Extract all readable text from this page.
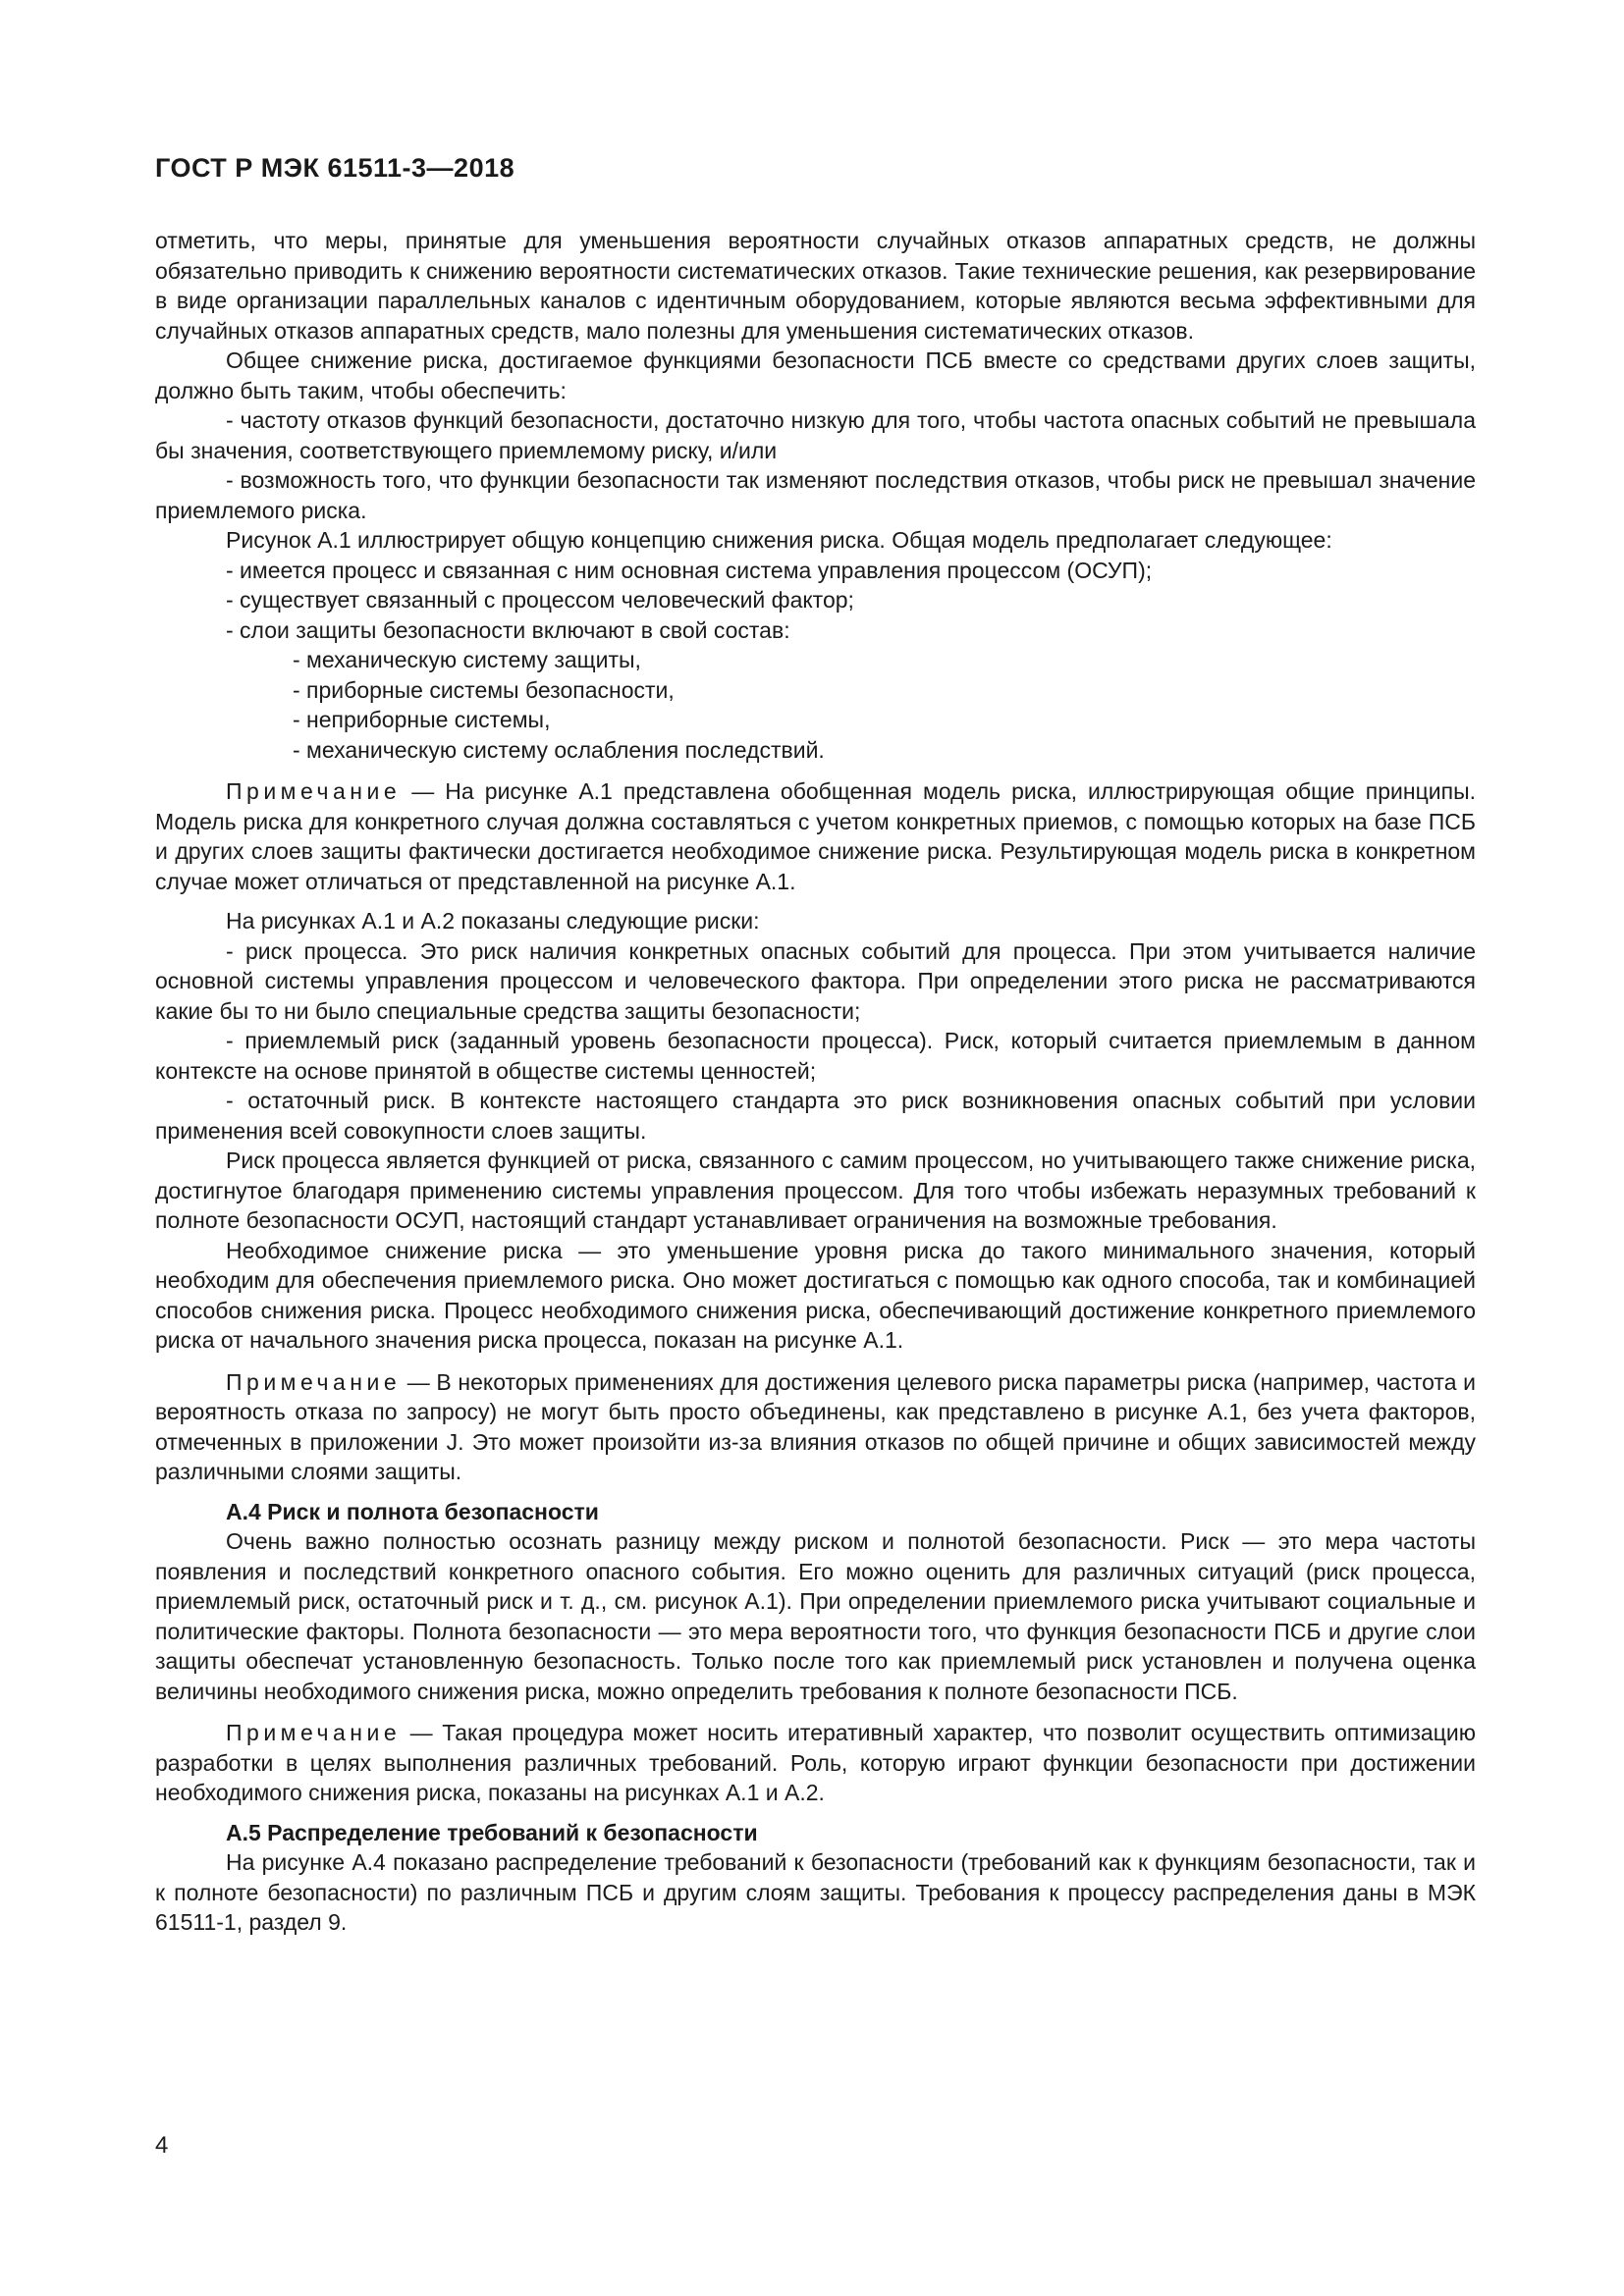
ГОСТ Р МЭК 61511-3—2018

отметить, что меры, принятые для уменьшения вероятности случайных отказов аппаратных средств, не должны обязательно приводить к снижению вероятности систематических отказов. Такие технические решения, как резервирование в виде организации параллельных каналов с идентичным оборудованием, которые являются весьма эффективными для случайных отказов аппаратных средств, мало полезны для уменьшения систематических отказов.

Общее снижение риска, достигаемое функциями безопасности ПСБ вместе со средствами других слоев защиты, должно быть таким, чтобы обеспечить:

- частоту отказов функций безопасности, достаточно низкую для того, чтобы частота опасных событий не превышала бы значения, соответствующего приемлемому риску, и/или

- возможность того, что функции безопасности так изменяют последствия отказов, чтобы риск не превышал значение приемлемого риска.

Рисунок А.1 иллюстрирует общую концепцию снижения риска. Общая модель предполагает следующее:

- имеется процесс и связанная с ним основная система управления процессом (ОСУП);

- существует связанный с процессом человеческий фактор;

- слои защиты безопасности включают в свой состав:

- механическую систему защиты,

- приборные системы безопасности,

- неприборные системы,

- механическую систему ослабления последствий.

Примечание — На рисунке А.1 представлена обобщенная модель риска, иллюстрирующая общие принципы. Модель риска для конкретного случая должна составляться с учетом конкретных приемов, с помощью которых на базе ПСБ и других слоев защиты фактически достигается необходимое снижение риска. Результирующая модель риска в конкретном случае может отличаться от представленной на рисунке А.1.

На рисунках А.1 и А.2 показаны следующие риски:

- риск процесса. Это риск наличия конкретных опасных событий для процесса. При этом учитывается наличие основной системы управления процессом и человеческого фактора. При определении этого риска не рассматриваются какие бы то ни было специальные средства защиты безопасности;

- приемлемый риск (заданный уровень безопасности процесса). Риск, который считается приемлемым в данном контексте на основе принятой в обществе системы ценностей;

- остаточный риск. В контексте настоящего стандарта это риск возникновения опасных событий при условии применения всей совокупности слоев защиты.

Риск процесса является функцией от риска, связанного с самим процессом, но учитывающего также снижение риска, достигнутое благодаря применению системы управления процессом. Для того чтобы избежать неразумных требований к полноте безопасности ОСУП, настоящий стандарт устанавливает ограничения на возможные требования.

Необходимое снижение риска — это уменьшение уровня риска до такого минимального значения, который необходим для обеспечения приемлемого риска. Оно может достигаться с помощью как одного способа, так и комбинацией способов снижения риска. Процесс необходимого снижения риска, обеспечивающий достижение конкретного приемлемого риска от начального значения риска процесса, показан на рисунке А.1.

Примечание — В некоторых применениях для достижения целевого риска параметры риска (например, частота и вероятность отказа по запросу) не могут быть просто объединены, как представлено в рисунке А.1, без учета факторов, отмеченных в приложении J. Это может произойти из-за влияния отказов по общей причине и общих зависимостей между различными слоями защиты.

А.4 Риск и полнота безопасности

Очень важно полностью осознать разницу между риском и полнотой безопасности. Риск — это мера частоты появления и последствий конкретного опасного события. Его можно оценить для различных ситуаций (риск процесса, приемлемый риск, остаточный риск и т. д., см. рисунок А.1). При определении приемлемого риска учитывают социальные и политические факторы. Полнота безопасности — это мера вероятности того, что функция безопасности ПСБ и другие слои защиты обеспечат установленную безопасность. Только после того как приемлемый риск установлен и получена оценка величины необходимого снижения риска, можно определить требования к полноте безопасности ПСБ.

Примечание — Такая процедура может носить итеративный характер, что позволит осуществить оптимизацию разработки в целях выполнения различных требований. Роль, которую играют функции безопасности при достижении необходимого снижения риска, показаны на рисунках А.1 и А.2.

А.5 Распределение требований к безопасности

На рисунке А.4 показано распределение требований к безопасности (требований как к функциям безопасности, так и к полноте безопасности) по различным ПСБ и другим слоям защиты. Требования к процессу распределения даны в МЭК 61511-1, раздел 9.

4
